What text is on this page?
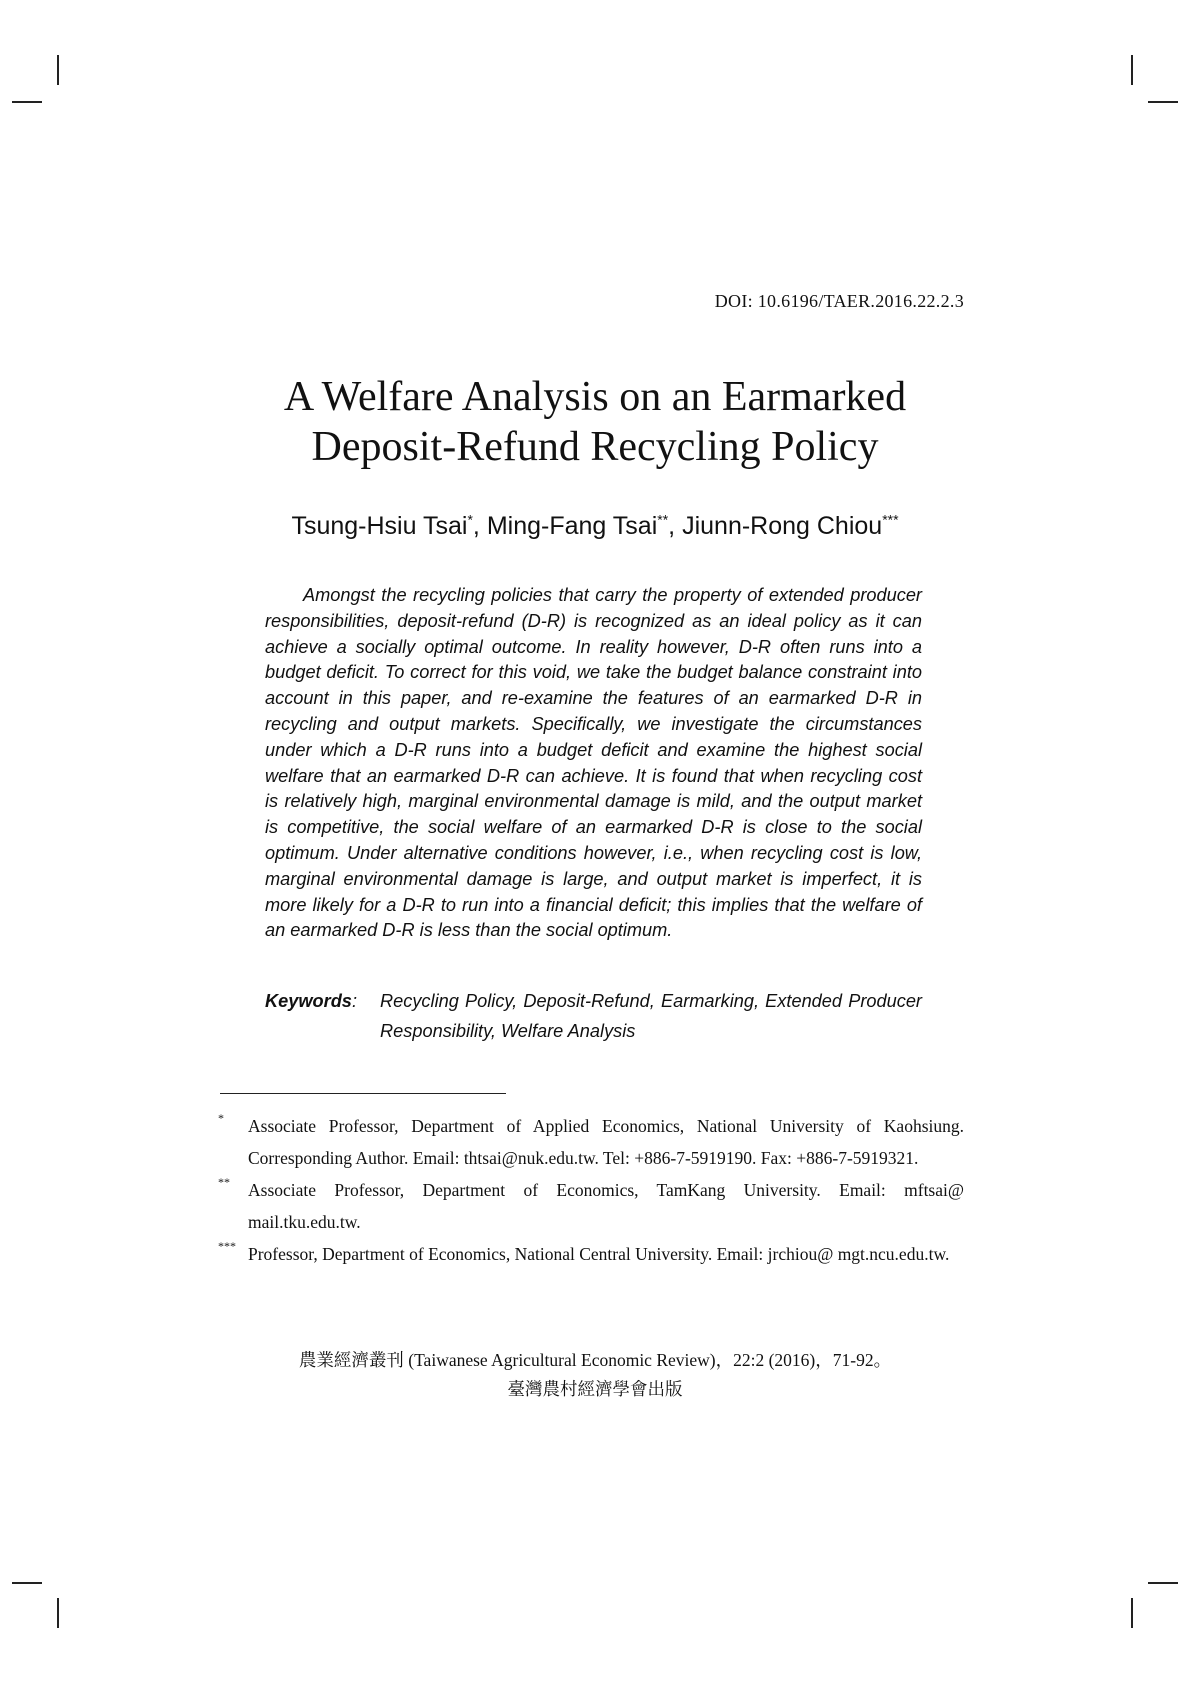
DOI: 10.6196/TAER.2016.22.2.3
A Welfare Analysis on an Earmarked
Deposit-Refund Recycling Policy
Tsung-Hsiu Tsai*, Ming-Fang Tsai**, Jiunn-Rong Chiou***

Amongst the recycling policies that carry the property of extended producer responsibilities, deposit-refund (D-R) is recognized as an ideal policy as it can achieve a socially optimal outcome. In reality however, D-R often runs into a budget deficit. To correct for this void, we take the budget balance constraint into account in this paper, and re-examine the features of an earmarked D-R in recycling and output markets. Specifically, we investigate the circumstances under which a D-R runs into a budget deficit and examine the highest social welfare that an earmarked D-R can achieve. It is found that when recycling cost is relatively high, marginal environmental damage is mild, and the output market is competitive, the social welfare of an earmarked D-R is close to the social optimum. Under alternative conditions however, i.e., when recycling cost is low, marginal environmental damage is large, and output market is imperfect, it is more likely for a D-R to run into a financial deficit; this implies that the welfare of an earmarked D-R is less than the social optimum.

Keywords:	Recycling Policy, Deposit-Refund, Earmarking, Extended Producer Responsibility, Welfare Analysis
*	Associate Professor, Department of Applied Economics, National University of Kaohsiung. Corresponding Author. Email: thtsai@nuk.edu.tw. Tel: +886-7-5919190. Fax: +886-7-5919321.
**	Associate Professor, Department of Economics, TamKang University. Email: mftsai@ mail.tku.edu.tw.
*** Professor, Department of Economics, National Central University. Email: jrchiou@ mgt.ncu.edu.tw.
農業經濟叢刊 (Taiwanese Agricultural Economic Review)，22:2 (2016)，71-92。
臺灣農村經濟學會出版
